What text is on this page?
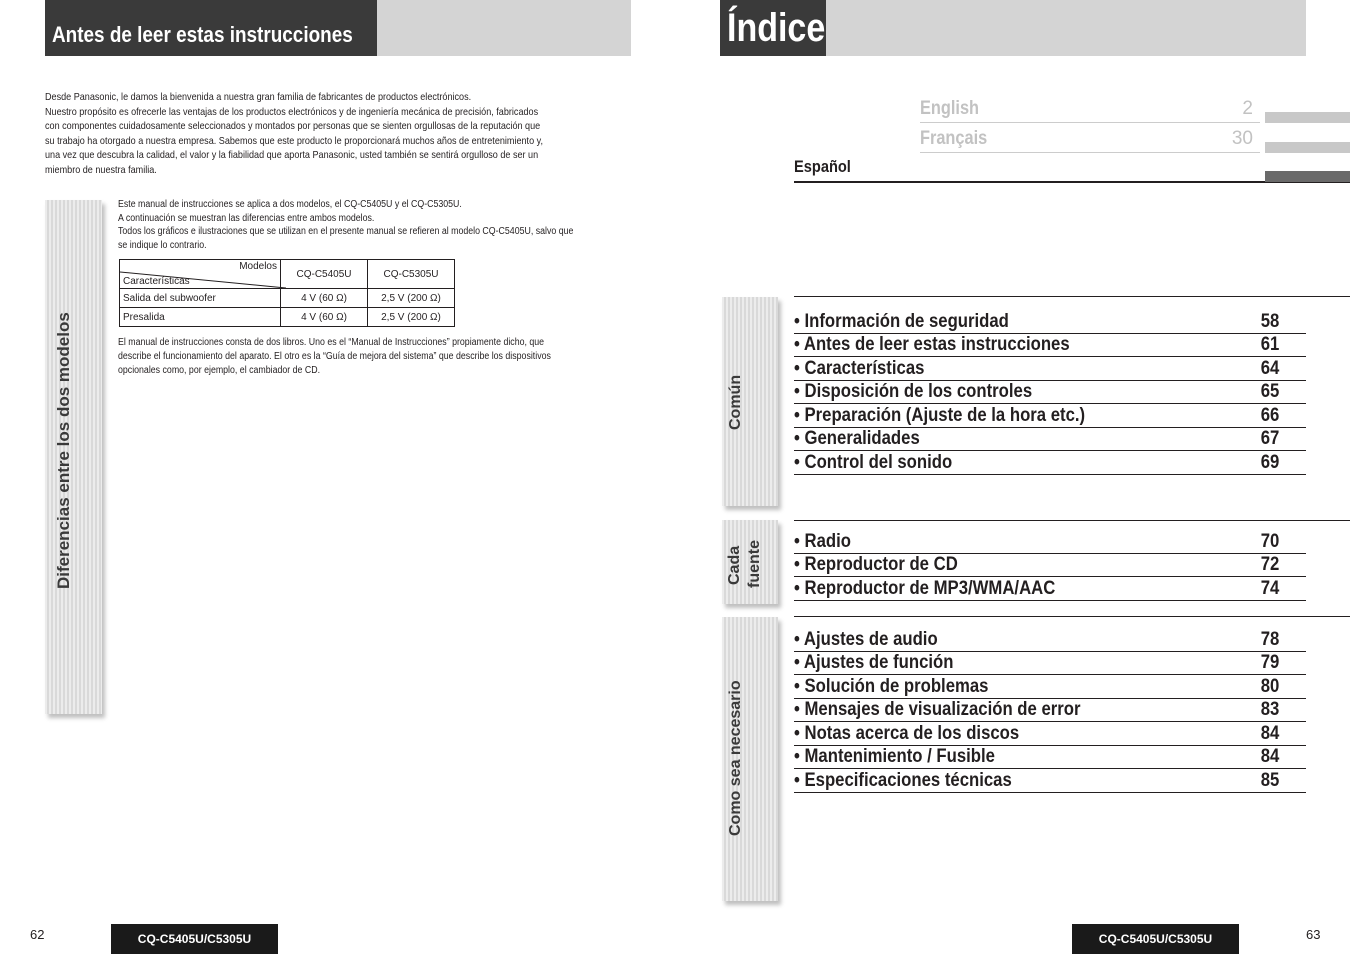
Antes de leer estas instrucciones

Desde Panasonic, le damos la bienvenida a nuestra gran familia de fabricantes de productos electrónicos.

Nuestro propósito es ofrecerle las ventajas de los productos electrónicos y de ingeniería mecánica de precisión, fabricados

con componentes cuidadosamente seleccionados y montados por personas que se sienten orgullosas de la reputación que

su trabajo ha otorgado a nuestra empresa. Sabemos que este producto le proporcionará muchos años de entretenimiento y,

una vez que descubra la calidad, el valor y la fiabilidad que aporta Panasonic, usted también se sentirá orgulloso de ser un

miembro de nuestra familia.

Diferencias entre los dos modelos

Este manual de instrucciones se aplica a dos modelos, el CQ-C5405U y el CQ-C5305U.

A continuación se muestran las diferencias entre ambos modelos.

Todos los gráficos e ilustraciones que se utilizan en el presente manual se refieren al modelo CQ-C5405U, salvo que

se indique lo contrario.

Modelos
Características	CQ-C5405U	CQ-C5305U
Salida del subwoofer	4 V (60 Ω)	2,5 V (200 Ω)
Presalida	4 V (60 Ω)	2,5 V (200 Ω)

El manual de instrucciones consta de dos libros. Uno es el “Manual de Instrucciones” propiamente dicho, que

describe el funcionamiento del aparato. El otro es la “Guía de mejora del sistema” que describe los dispositivos

opcionales como, por ejemplo, el cambiador de CD.

62	CQ-C5405U/C5305U
Índice
English	2
Français	30
Español
Común
• Información de seguridad	58
• Antes de leer estas instrucciones	61
• Características	64
• Disposición de los controles	65
• Preparación (Ajuste de la hora etc.)	66
• Generalidades	67
• Control del sonido	69
Cada fuente • Radio	70
• Reproductor de CD	72
• Reproductor de MP3/WMA/AAC	74
Como sea necesario
• Ajustes de audio	78
• Ajustes de función	79
• Solución de problemas	80
• Mensajes de visualización de error	83
• Notas acerca de los discos	84
• Mantenimiento / Fusible	84
• Especificaciones técnicas	85
63
CQ-C5405U/C5305U
